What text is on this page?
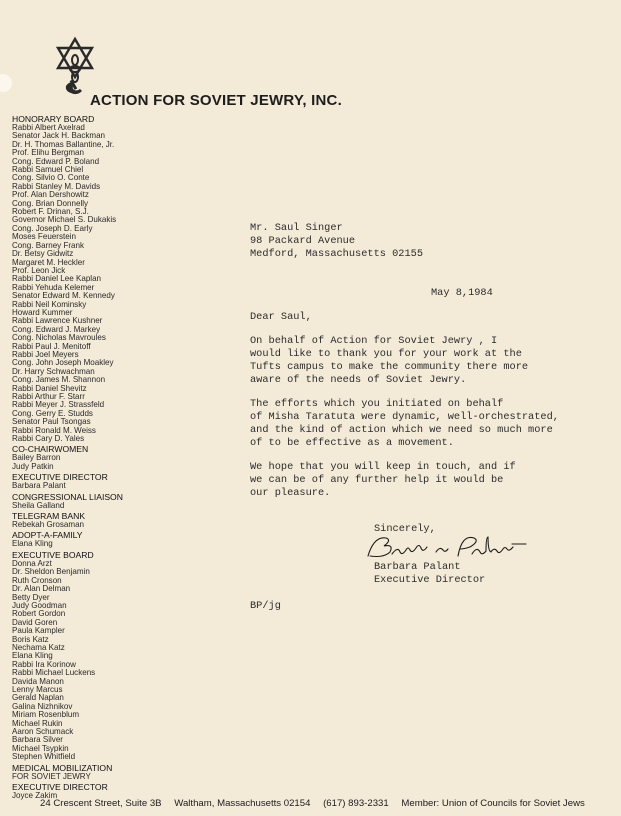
ACTION FOR SOVIET JEWRY, INC.
HONORARY BOARD
Rabbi Albert Axelrad
Senator Jack H. Backman
Dr. H. Thomas Ballantine, Jr.
Prof. Elihu Bergman
Cong. Edward P. Boland
Rabbi Samuel Chiel
Cong. Silvio O. Conte
Rabbi Stanley M. Davids
Prof. Alan Dershowitz
Cong. Brian Donnelly
Robert F. Drinan, S.J.
Governor Michael S. Dukakis
Cong. Joseph D. Early
Moses Feuerstein
Cong. Barney Frank
Dr. Betsy Gidwitz
Margaret M. Heckler
Prof. Leon Jick
Rabbi Daniel Lee Kaplan
Rabbi Yehuda Kelemer
Senator Edward M. Kennedy
Rabbi Neil Kominsky
Howard Kummer
Rabbi Lawrence Kushner
Cong. Edward J. Markey
Cong. Nicholas Mavroules
Rabbi Paul J. Menitoff
Rabbi Joel Meyers
Cong. John Joseph Moakley
Dr. Harry Schwachman
Cong. James M. Shannon
Rabbi Daniel Shevitz
Rabbi Arthur F. Starr
Rabbi Meyer J. Strassfeld
Cong. Gerry E. Studds
Senator Paul Tsongas
Rabbi Ronald M. Weiss
Rabbi Cary D. Yales
CO-CHAIRWOMEN
Bailey Barron
Judy Patkin
EXECUTIVE DIRECTOR
Barbara Palant
CONGRESSIONAL LIAISON
Sheila Galland
TELEGRAM BANK
Rebekah Grosaman
ADOPT-A-FAMILY
Elana Kling
EXECUTIVE BOARD
Donna Arzt
Dr. Sheldon Benjamin
Ruth Cronson
Dr. Alan Delman
Betty Dyer
Judy Goodman
Robert Gordon
David Goren
Paula Kampler
Boris Katz
Nechama Katz
Elana Kling
Rabbi Ira Korinow
Rabbi Michael Luckens
Davida Manon
Lenny Marcus
Gerald Naplan
Galina Nizhnikov
Miriam Rosenblum
Michael Rukin
Aaron Schumack
Barbara Silver
Michael Tsypkin
Stephen Whitfield
MEDICAL MOBILIZATION
FOR SOVIET JEWRY
EXECUTIVE DIRECTOR
Joyce Zakim
Mr. Saul Singer
98 Packard Avenue
Medford, Massachusetts 02155
May 8,1984
Dear Saul,
On behalf of Action for Soviet Jewry , I
would like to thank you for your work at the
Tufts campus to make the community there more
aware of the needs of Soviet Jewry.
The efforts which you initiated on behalf
of Misha Taratuta were dynamic, well-orchestrated,
and the kind of action which we need so much more
of to be effective as a movement.
We hope that you will keep in touch, and if
we can be of any further help it would be
our pleasure.
Sincerely,
Barbara Palant
Executive Director
BP/jg
24 Crescent Street, Suite 3B Waltham, Massachusetts 02154 (617) 893-2331 Member: Union of Councils for Soviet Jews
